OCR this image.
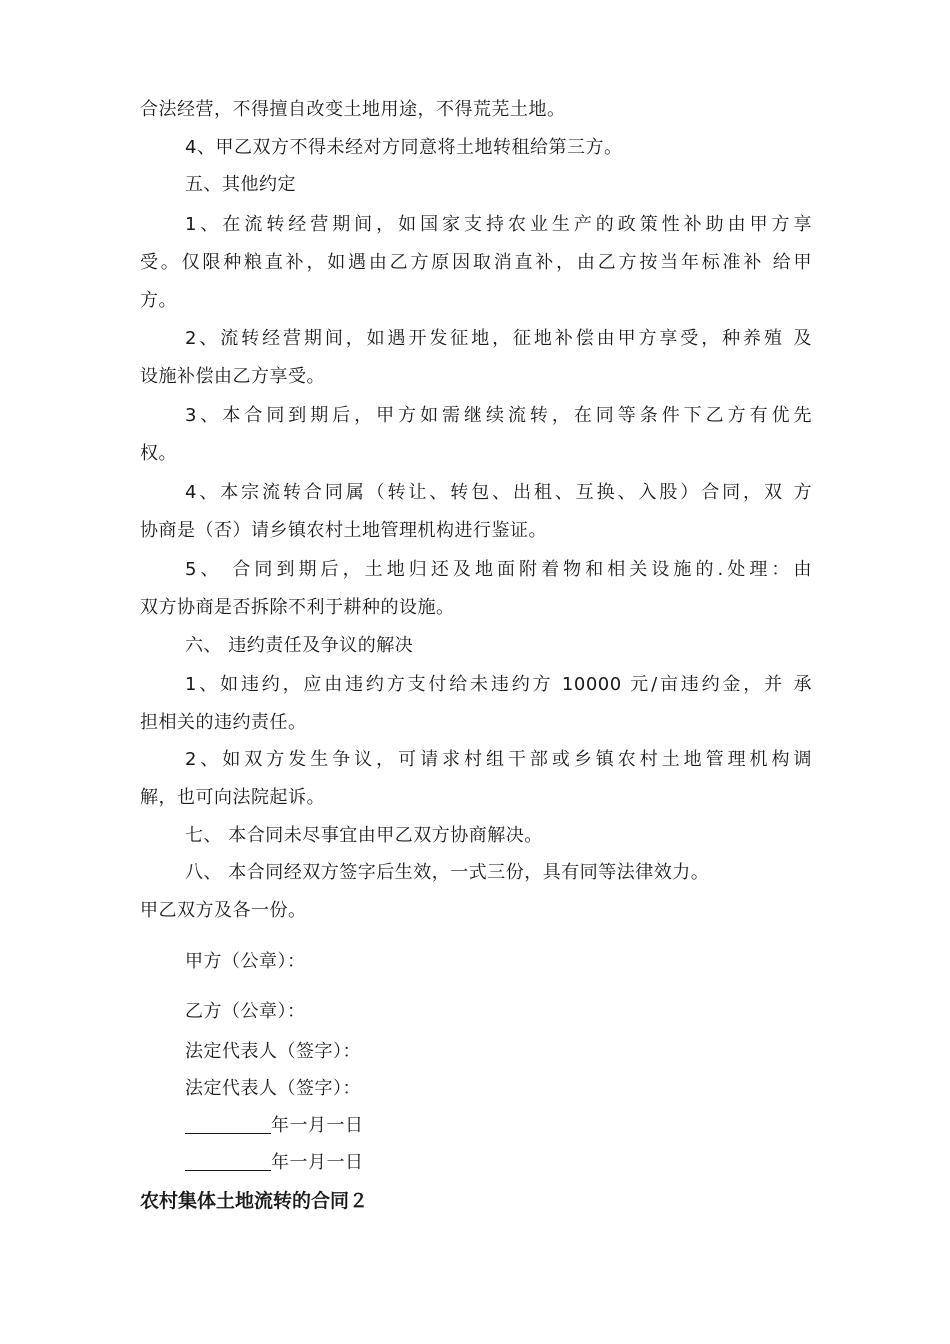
合法经营，不得擅自改变土地用途，不得荒芜土地。
4、甲乙双方不得未经对方同意将土地转租给第三方。
五、其他约定
1、在流转经营期间，如国家支持农业生产的政策性补助由甲方享
受。仅限种粮直补，如遇由乙方原因取消直补，由乙方按当年标准补 给甲
方。
2、流转经营期间，如遇开发征地，征地补偿由甲方享受，种养殖 及
设施补偿由乙方享受。
3、本合同到期后，甲方如需继续流转，在同等条件下乙方有优先
权。
4、本宗流转合同属（转让、转包、出租、互换、入股）合同，双 方
协商是（否）请乡镇农村土地管理机构进行鉴证。
5、 合同到期后，土地归还及地面附着物和相关设施的.处理：由
双方协商是否拆除不利于耕种的设施。
六、 违约责任及争议的解决
1、如违约，应由违约方支付给未违约方 10000 元/亩违约金，并 承
担相关的违约责任。
2、如双方发生争议，可请求村组干部或乡镇农村土地管理机构调
解，也可向法院起诉。
七、 本合同未尽事宜由甲乙双方协商解决。
八、 本合同经双方签字后生效，一式三份，具有同等法律效力。
甲乙双方及各一份。
甲方（公章）：
乙方（公章）：
法定代表人（签字）：
法定代表人（签字）：
年一月一日
年一月一日
农村集体土地流转的合同２
